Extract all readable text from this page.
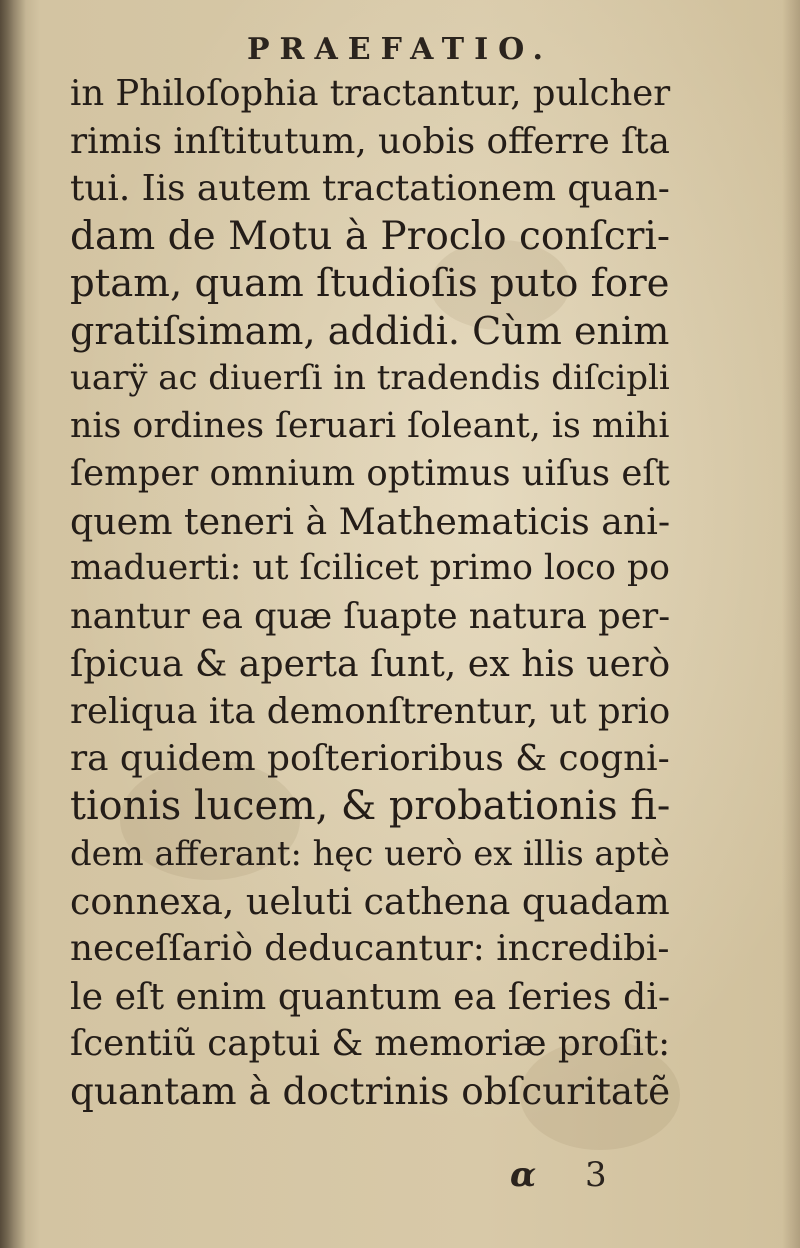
PRAEFATIO.
in Philoſophia tractantur, pulcher
rimis inſtitutum, uobis offerre ſta
tui. Iis autem tractationem quan-
dam de Motu à Proclo conſcri-
ptam, quam ſtudioſis puto fore
gratiſsimam, addidi. Cùm enim
uarÿ ac diuerſi in tradendis diſcipli
nis ordines ſeruari ſoleant, is mihi
ſemper omnium optimus uiſus eſt
quem teneri à Mathematicis ani-
maduerti: ut ſcilicet primo loco po
nantur ea quæ ſuapte natura per-
ſpicua & aperta ſunt, ex his uerò
reliqua ita demonſtrentur, ut prio
ra quidem poſterioribus & cogni-
tionis lucem, & probationis fi-
dem afferant: hęc uerò ex illis aptè
connexa, ueluti cathena quadam
neceſſariò deducantur: incredibi-
le eſt enim quantum ea ſeries di-
ſcentiũ captui & memoriæ proſit:
quantam à doctrinis obſcuritatẽ
α 3
